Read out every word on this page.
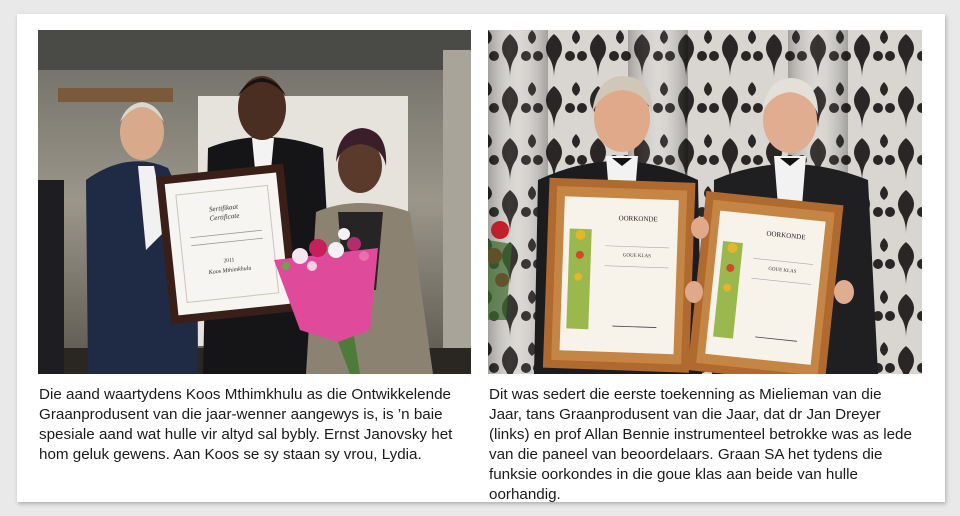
Sertifikaat
Certificate
2011
Koos Mthimkhulu
OORKONDE
GOUE KLAS
OORKONDE
GOUE KLAS

Die aand waartydens Koos Mthimkhulu as die Ontwikkelende Graanprodusent van die jaar-wenner aangewys is, is ’n baie spesiale aand wat hulle vir altyd sal bybly. Ernst Janovsky het hom geluk gewens. Aan Koos se sy staan sy vrou, Lydia.

Dit was sedert die eerste toekenning as Mielieman van die Jaar, tans Graanprodusent van die Jaar, dat dr Jan Dreyer (links) en prof Allan Bennie instrumenteel betrokke was as lede van die paneel van beoordelaars. Graan SA het tydens die funksie oorkondes in die goue klas aan beide van hulle oorhandig.
